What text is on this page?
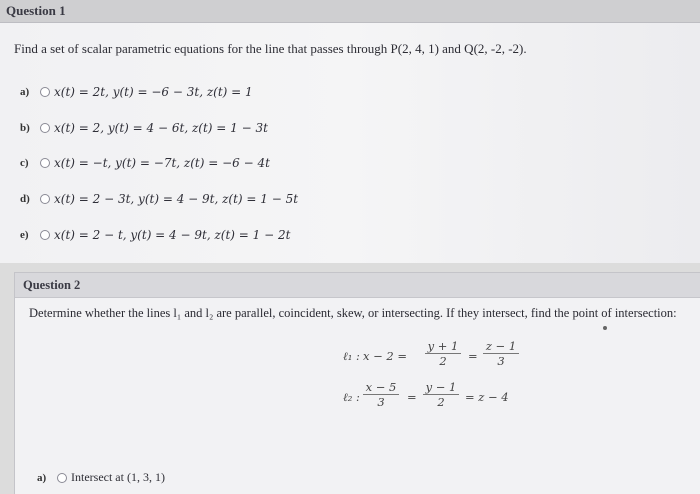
Question 1
Find a set of scalar parametric equations for the line that passes through P(2, 4, 1) and Q(2, -2, -2).
a)	x(t) = 2t, y(t) = −6 − 3t, z(t) = 1
b)	x(t) = 2, y(t) = 4 − 6t, z(t) = 1 − 3t
c)	x(t) = −t, y(t) = −7t, z(t) = −6 − 4t
d)	x(t) = 2 − 3t, y(t) = 4 − 9t, z(t) = 1 − 5t
e)	x(t) = 2 − t, y(t) = 4 − 9t, z(t) = 1 − 2t
Question 2
Determine whether the lines l₁ and l₂ are parallel, coincident, skew, or intersecting. If they intersect, find the point of intersection:
ℓ₁ : $x - 2 = \frac{y + 1}{2} = \frac{z - 1}{3}$
ℓ₂ : $\frac{x - 5}{3} = \frac{y - 1}{2} = z - 4$
a)	Intersect at (1, 3, 1)
